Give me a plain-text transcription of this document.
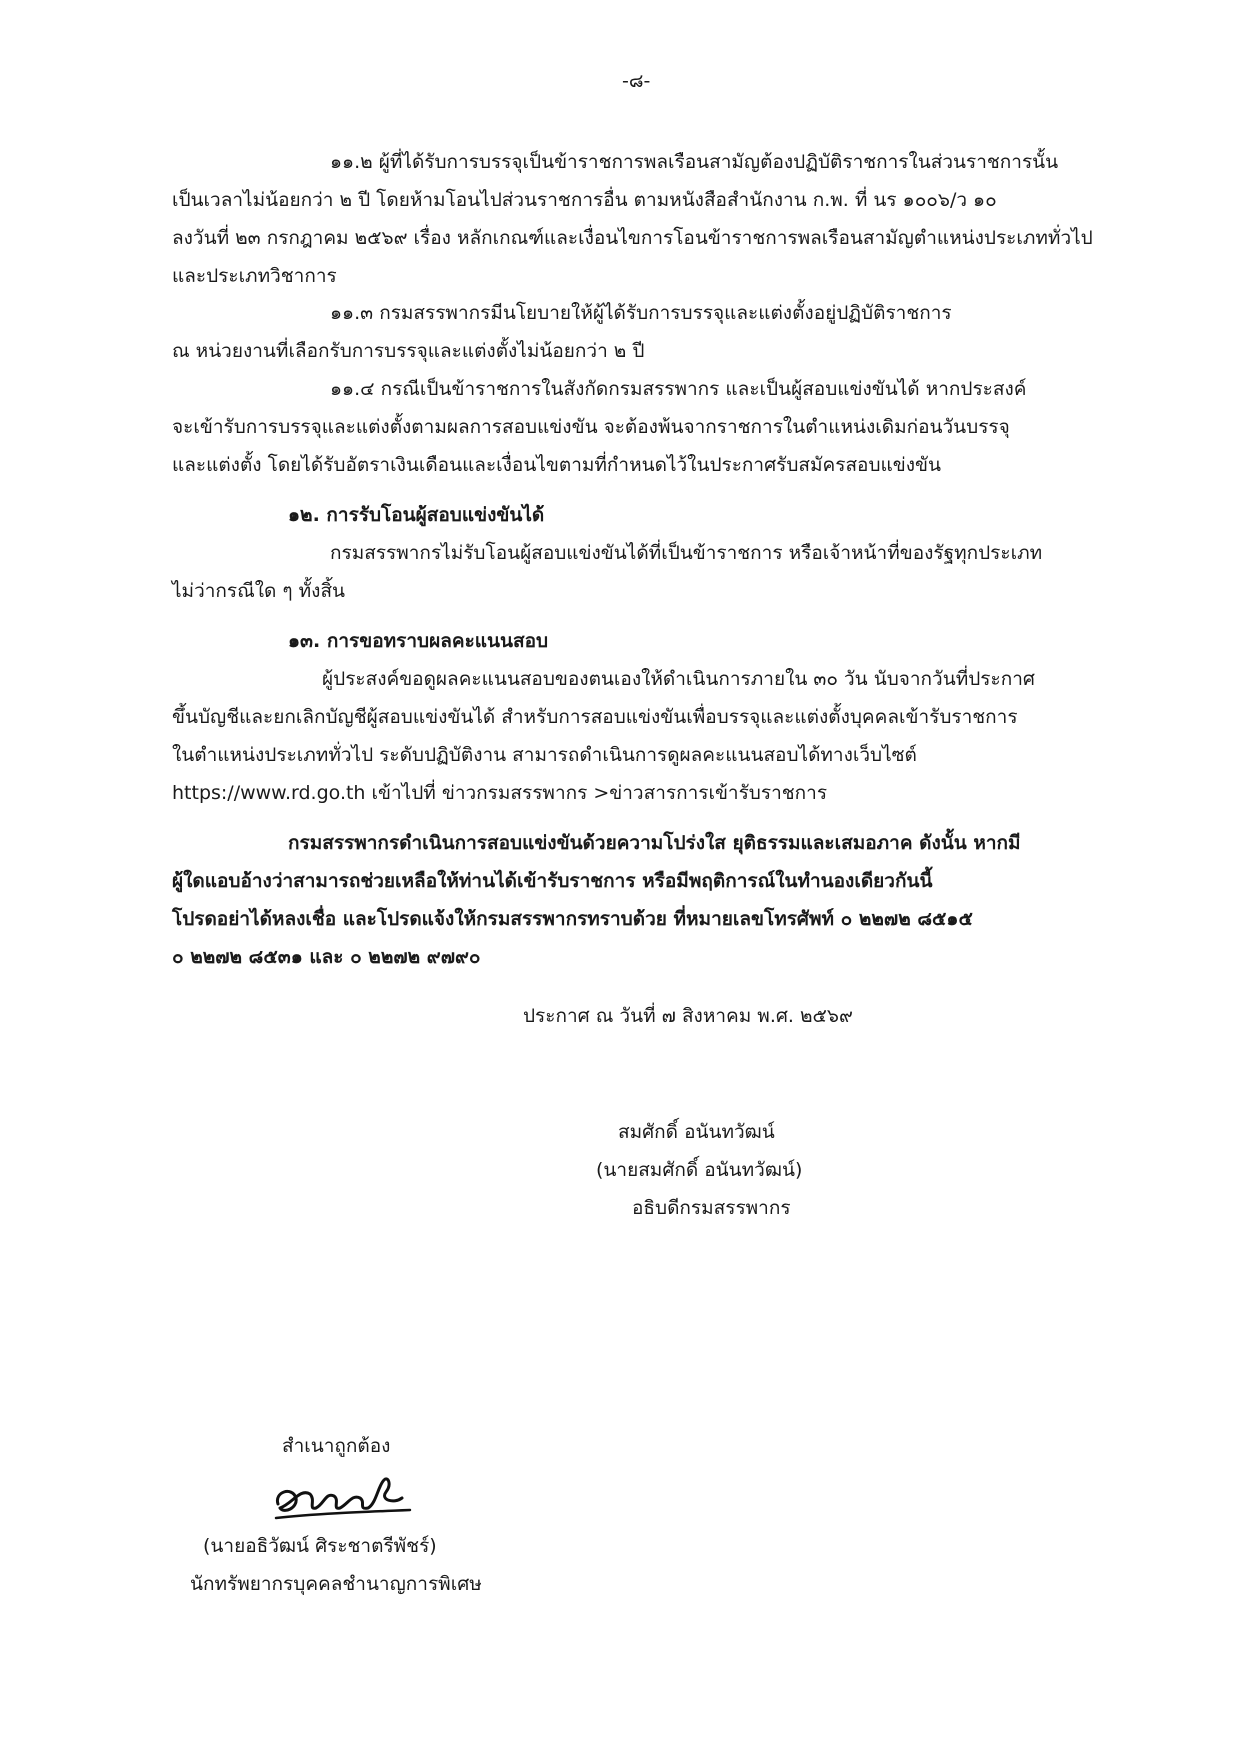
-๘-
๑๑.๒ ผู้ที่ได้รับการบรรจุเป็นข้าราชการพลเรือนสามัญต้องปฏิบัติราชการในส่วนราชการนั้น
เป็นเวลาไม่น้อยกว่า ๒ ปี โดยห้ามโอนไปส่วนราชการอื่น ตามหนังสือสำนักงาน ก.พ. ที่ นร ๑๐๐๖/ว ๑๐
ลงวันที่ ๒๓ กรกฎาคม ๒๕๖๙ เรื่อง หลักเกณฑ์และเงื่อนไขการโอนข้าราชการพลเรือนสามัญตำแหน่งประเภททั่วไป
และประเภทวิชาการ
๑๑.๓ กรมสรรพากรมีนโยบายให้ผู้ได้รับการบรรจุและแต่งตั้งอยู่ปฏิบัติราชการ
ณ หน่วยงานที่เลือกรับการบรรจุและแต่งตั้งไม่น้อยกว่า ๒ ปี
๑๑.๔ กรณีเป็นข้าราชการในสังกัดกรมสรรพากร และเป็นผู้สอบแข่งขันได้ หากประสงค์
จะเข้ารับการบรรจุและแต่งตั้งตามผลการสอบแข่งขัน จะต้องพ้นจากราชการในตำแหน่งเดิมก่อนวันบรรจุ
และแต่งตั้ง โดยได้รับอัตราเงินเดือนและเงื่อนไขตามที่กำหนดไว้ในประกาศรับสมัครสอบแข่งขัน
๑๒. การรับโอนผู้สอบแข่งขันได้
กรมสรรพากรไม่รับโอนผู้สอบแข่งขันได้ที่เป็นข้าราชการ หรือเจ้าหน้าที่ของรัฐทุกประเภท
ไม่ว่ากรณีใด ๆ ทั้งสิ้น
๑๓. การขอทราบผลคะแนนสอบ
ผู้ประสงค์ขอดูผลคะแนนสอบของตนเองให้ดำเนินการภายใน ๓๐ วัน นับจากวันที่ประกาศ
ขึ้นบัญชีและยกเลิกบัญชีผู้สอบแข่งขันได้ สำหรับการสอบแข่งขันเพื่อบรรจุและแต่งตั้งบุคคลเข้ารับราชการ
ในตำแหน่งประเภททั่วไป ระดับปฏิบัติงาน สามารถดำเนินการดูผลคะแนนสอบได้ทางเว็บไซต์
https://www.rd.go.th เข้าไปที่ ข่าวกรมสรรพากร >ข่าวสารการเข้ารับราชการ
กรมสรรพากรดำเนินการสอบแข่งขันด้วยความโปร่งใส ยุติธรรมและเสมอภาค ดังนั้น หากมี
ผู้ใดแอบอ้างว่าสามารถช่วยเหลือให้ท่านได้เข้ารับราชการ หรือมีพฤติการณ์ในทำนองเดียวกันนี้
โปรดอย่าได้หลงเชื่อ และโปรดแจ้งให้กรมสรรพากรทราบด้วย ที่หมายเลขโทรศัพท์ ๐ ๒๒๗๒ ๘๕๑๕
๐ ๒๒๗๒ ๘๕๓๑ และ ๐ ๒๒๗๒ ๙๗๙๐
ประกาศ ณ วันที่ ๗ สิงหาคม พ.ศ. ๒๕๖๙
สมศักดิ์ อนันทวัฒน์
(นายสมศักดิ์ อนันทวัฒน์)
อธิบดีกรมสรรพากร
สำเนาถูกต้อง
(นายอธิวัฒน์ ศิระชาตรีพัชร์)
นักทรัพยากรบุคคลชำนาญการพิเศษ
